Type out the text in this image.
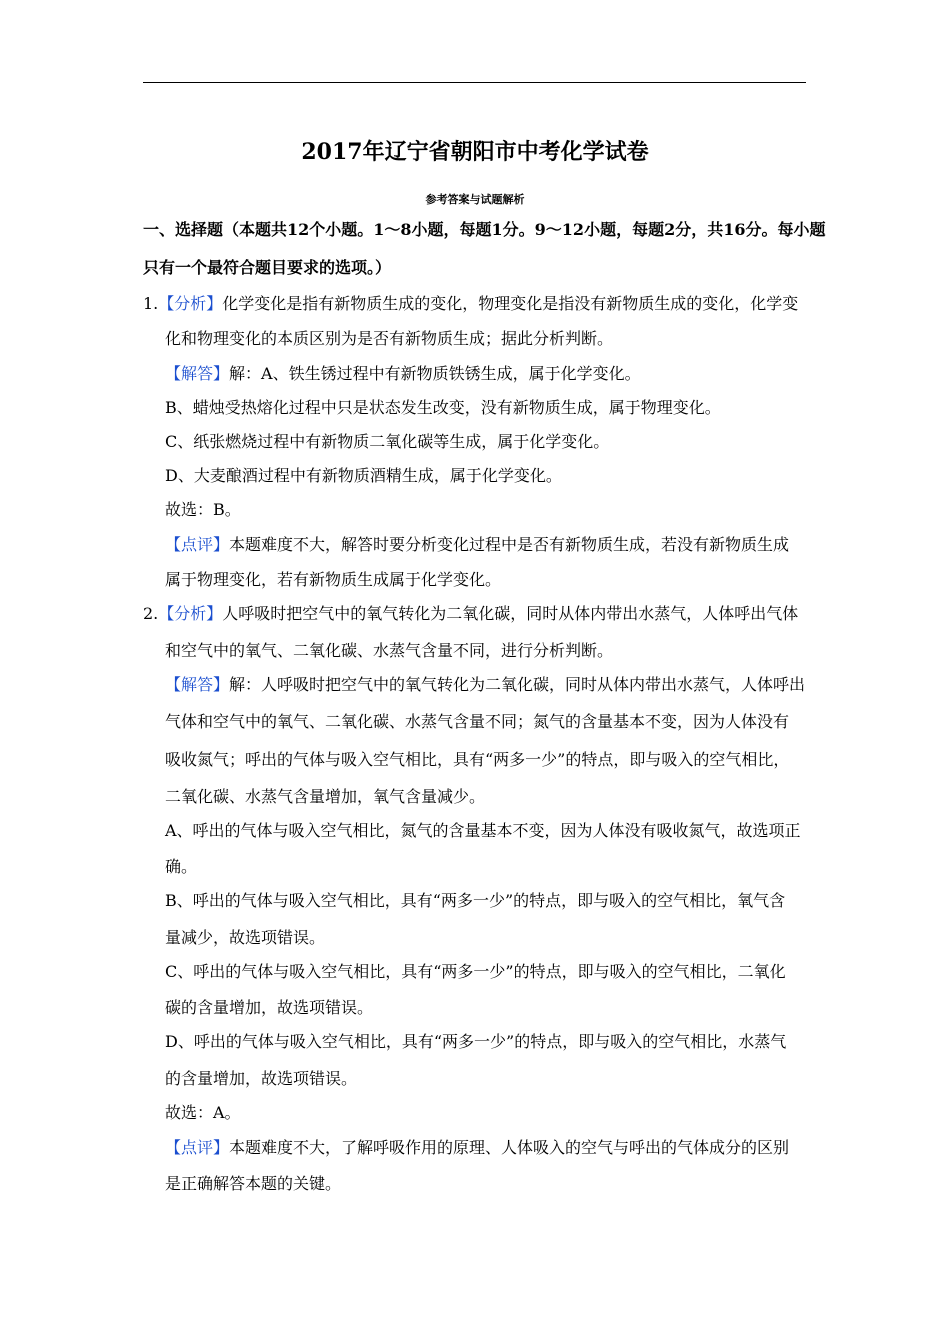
2017年辽宁省朝阳市中考化学试卷
参考答案与试题解析
一、选择题（本题共12个小题。1～8小题，每题1分。9～12小题，每题2分，共16分。每小题
只有一个最符合题目要求的选项。）
1.【分析】化学变化是指有新物质生成的变化，物理变化是指没有新物质生成的变化，化学变
化和物理变化的本质区别为是否有新物质生成；据此分析判断。
【解答】解：A、铁生锈过程中有新物质铁锈生成，属于化学变化。
B、蜡烛受热熔化过程中只是状态发生改变，没有新物质生成，属于物理变化。
C、纸张燃烧过程中有新物质二氧化碳等生成，属于化学变化。
D、大麦酿酒过程中有新物质酒精生成，属于化学变化。
故选：B。
【点评】本题难度不大，解答时要分析变化过程中是否有新物质生成，若没有新物质生成
属于物理变化，若有新物质生成属于化学变化。
2.【分析】人呼吸时把空气中的氧气转化为二氧化碳，同时从体内带出水蒸气，人体呼出气体
和空气中的氧气、二氧化碳、水蒸气含量不同，进行分析判断。
【解答】解：人呼吸时把空气中的氧气转化为二氧化碳，同时从体内带出水蒸气，人体呼出
气体和空气中的氧气、二氧化碳、水蒸气含量不同；氮气的含量基本不变，因为人体没有
吸收氮气；呼出的气体与吸入空气相比，具有“两多一少”的特点，即与吸入的空气相比，
二氧化碳、水蒸气含量增加，氧气含量减少。
A、呼出的气体与吸入空气相比，氮气的含量基本不变，因为人体没有吸收氮气，故选项正
确。
B、呼出的气体与吸入空气相比，具有“两多一少”的特点，即与吸入的空气相比，氧气含
量减少，故选项错误。
C、呼出的气体与吸入空气相比，具有“两多一少”的特点，即与吸入的空气相比，二氧化
碳的含量增加，故选项错误。
D、呼出的气体与吸入空气相比，具有“两多一少”的特点，即与吸入的空气相比，水蒸气
的含量增加，故选项错误。
故选：A。
【点评】本题难度不大，了解呼吸作用的原理、人体吸入的空气与呼出的气体成分的区别
是正确解答本题的关键。
